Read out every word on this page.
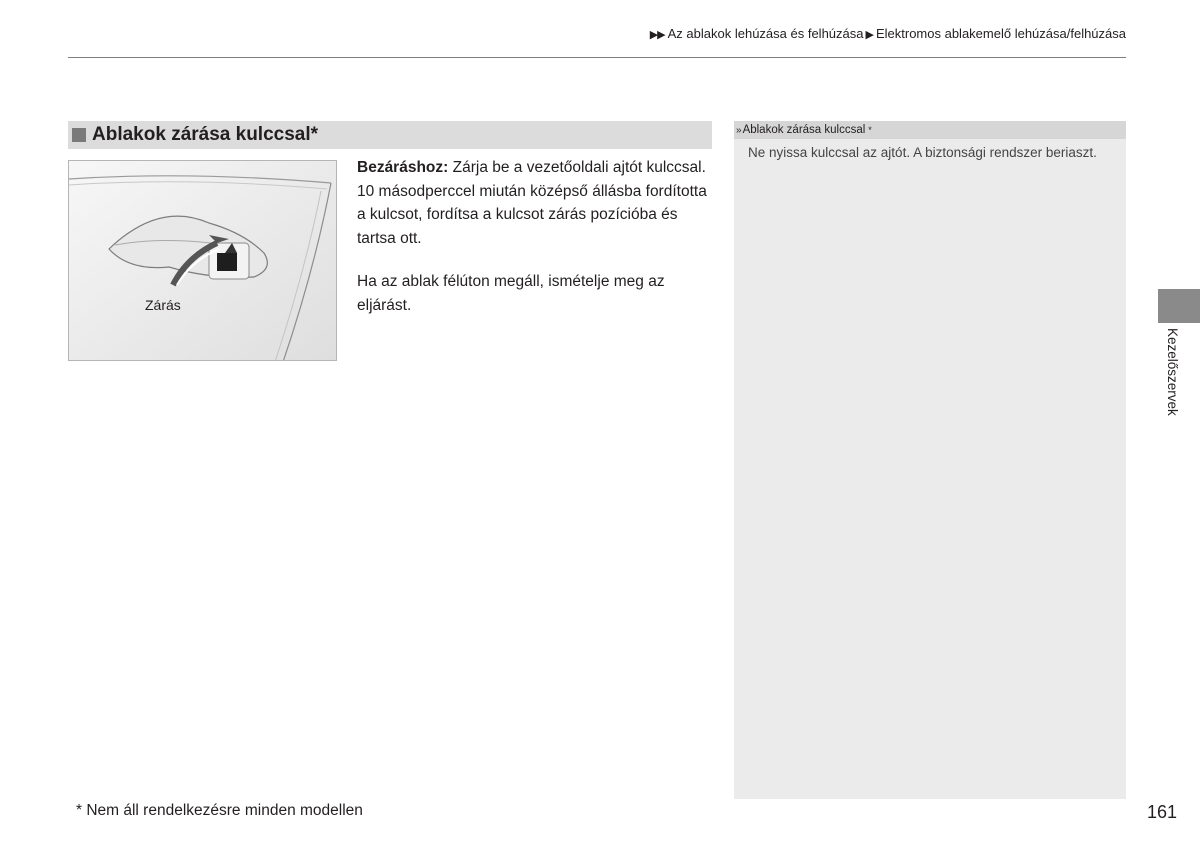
▶▶ Az ablakok lehúzása és felhúzása ▶ Elektromos ablakemelő lehúzása/felhúzása
Ablakok zárása kulccsal*
Zárás

Bezáráshoz: Zárja be a vezetőoldali ajtót kulccsal. 10 másodperccel miután középső állásba fordította a kulcsot, fordítsa a kulcsot zárás pozícióba és tartsa ott.

Ha az ablak félúton megáll, ismételje meg az eljárást.

» Ablakok zárása kulccsal *
Ne nyissa kulccsal az ajtót. A biztonsági rendszer beriaszt.
Kezelőszervek
* Nem áll rendelkezésre minden modellen	161
